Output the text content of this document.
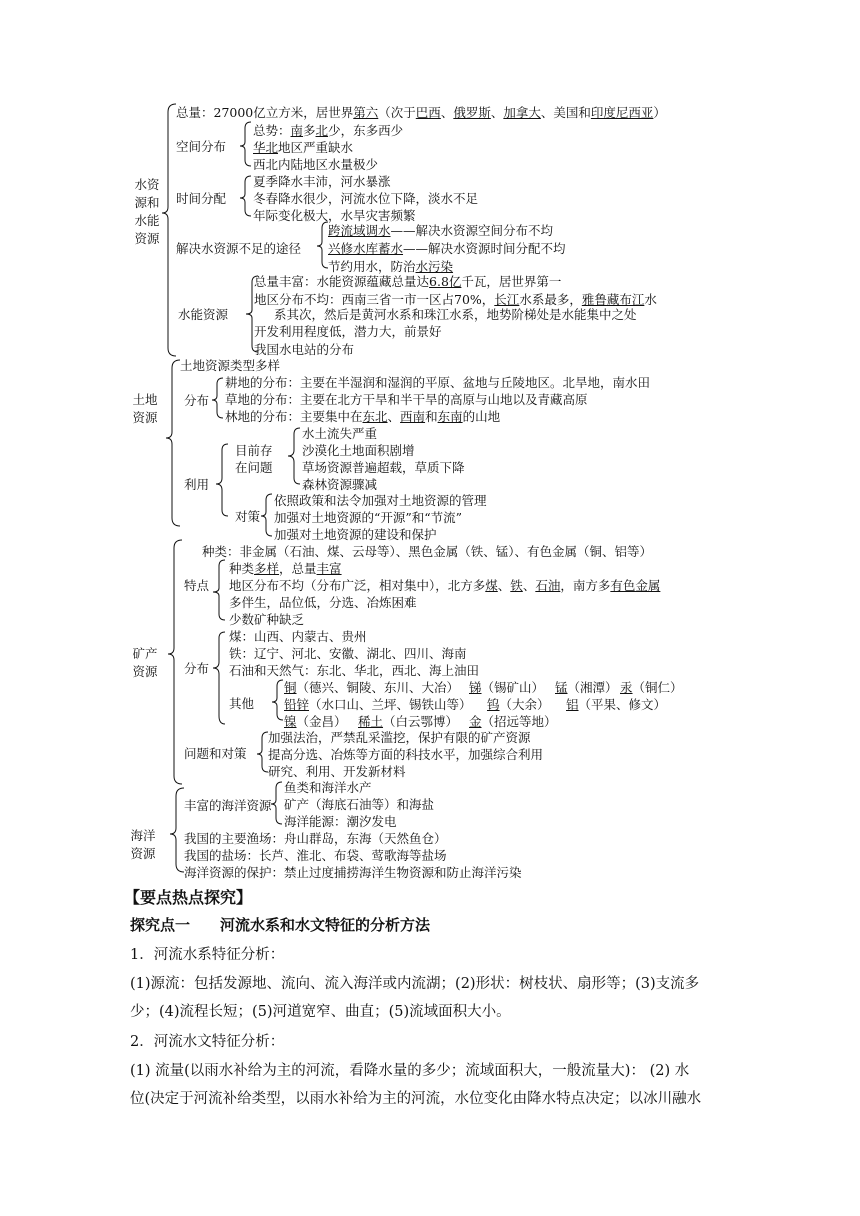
水资源和水能资源
总量：27000亿立方米，居世界第六（次于巴西、俄罗斯、加拿大、美国和印度尼西亚）
空间分布
总势：南多北少，东多西少
华北地区严重缺水
西北内陆地区水量极少
时间分配
夏季降水丰沛，河水暴涨
冬春降水很少，河流水位下降，淡水不足
年际变化极大，水旱灾害频繁
解决水资源不足的途径
跨流域调水——解决水资源空间分布不均
兴修水库蓄水——解决水资源时间分配不均
节约用水，防治水污染
水能资源
总量丰富：水能资源蕴藏总量达6.8亿千瓦，居世界第一
地区分布不均：西南三省一市一区占70%，长江水系最多，雅鲁藏布江水
系其次，然后是黄河水系和珠江水系，地势阶梯处是水能集中之处
开发利用程度低，潜力大，前景好
我国水电站的分布
土地资源
土地资源类型多样
分布
耕地的分布：主要在半湿润和湿润的平原、盆地与丘陵地区。北旱地，南水田
草地的分布：主要在北方干旱和半干旱的高原与山地以及青藏高原
林地的分布：主要集中在东北、西南和东南的山地
利用
目前存
在问题
水土流失严重
沙漠化土地面积剧增
草场资源普遍超载，草质下降
森林资源骤减
对策
依照政策和法令加强对土地资源的管理
加强对土地资源的“开源”和“节流”
加强对土地资源的建设和保护
矿产资源
种类：非金属（石油、煤、云母等）、黑色金属（铁、锰）、有色金属（铜、铝等）
特点
种类多样，总量丰富
地区分布不均（分布广泛，相对集中），北方多煤、铁、石油，南方多有色金属
多伴生，品位低，分选、冶炼困难
少数矿种缺乏
分布
煤：山西、内蒙古、贵州
铁：辽宁、河北、安徽、湖北、四川、海南
石油和天然气：东北、华北，西北、海上油田
其他
铜（德兴、铜陵、东川、大冶） 锑（锡矿山） 锰（湘潭） 汞（铜仁）
铅锌（水口山、兰坪、锡铁山等） 钨（大余） 铝（平果、修文）
镍（金昌） 稀土（白云鄂博） 金（招远等地）
问题和对策
加强法治，严禁乱采滥挖，保护有限的矿产资源
提高分选、冶炼等方面的科技水平，加强综合利用
研究、利用、开发新材料
海洋资源
丰富的海洋资源
鱼类和海洋水产
矿产（海底石油等）和海盐
海洋能源：潮汐发电
我国的主要渔场：舟山群岛，东海（天然鱼仓）
我国的盐场：长芦、淮北、布袋、莺歌海等盐场
海洋资源的保护：禁止过度捕捞海洋生物资源和防止海洋污染
【要点热点探究】
探究点一　　河流水系和水文特征的分析方法
1．河流水系特征分析：
(1)源流：包括发源地、流向、流入海洋或内流湖；(2)形状：树枝状、扇形等；(3)支流多
少；(4)流程长短；(5)河道宽窄、曲直；(5)流域面积大小。
2．河流水文特征分析：
(1) 流量(以雨水补给为主的河流，看降水量的多少；流域面积大，一般流量大)： (2) 水
位(决定于河流补给类型，以雨水补给为主的河流，水位变化由降水特点决定；以冰川融水
